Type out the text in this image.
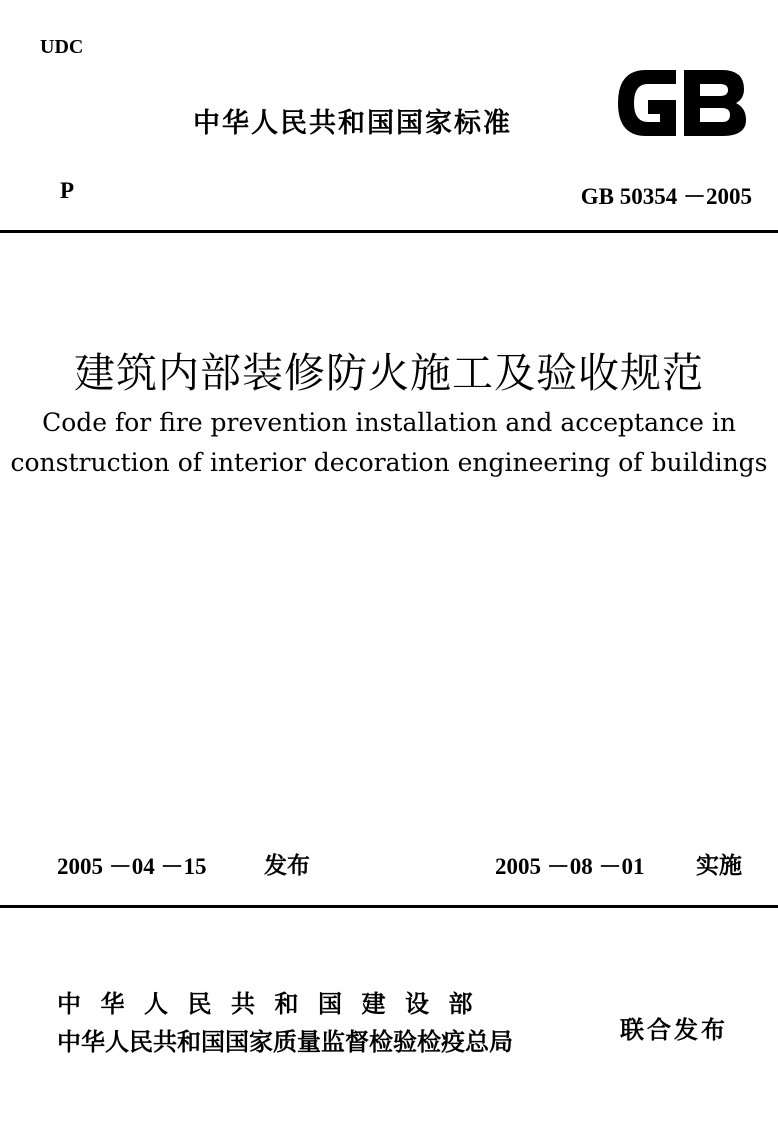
UDC
中华人民共和国国家标准
P	GB 50354 －2005
建筑内部装修防火施工及验收规范
Code for fire prevention installation and acceptance in
construction of interior decoration engineering of buildings
2005 －04 －15	发布	2005 －08 －01 实施
中华人民共和国建设部
中华人民共和国国家质量监督检验检疫总局	联合发布
